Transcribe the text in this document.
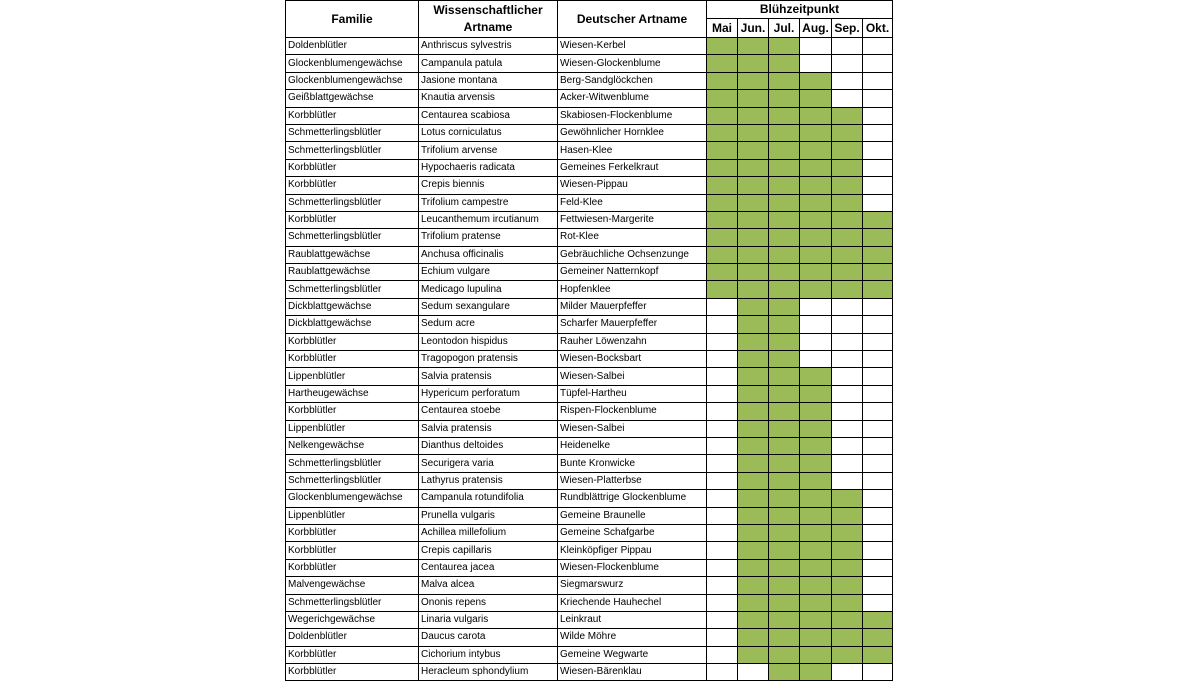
Familie	Wissenschaftlicher Artname	Deutscher Artname	Blühzeitpunkt					
			Mai	Jun.	Jul.	Aug.	Sep.	Okt.
Doldenblütler	Anthriscus sylvestris	Wiesen-Kerbel						
Glockenblumengewächse	Campanula patula	Wiesen-Glockenblume						
Glockenblumengewächse	Jasione montana	Berg-Sandglöckchen						
Geißblattgewächse	Knautia arvensis	Acker-Witwenblume						
Korbblütler	Centaurea scabiosa	Skabiosen-Flockenblume						
Schmetterlingsblütler	Lotus corniculatus	Gewöhnlicher Hornklee						
Schmetterlingsblütler	Trifolium arvense	Hasen-Klee						
Korbblütler	Hypochaeris radicata	Gemeines Ferkelkraut						
Korbblütler	Crepis biennis	Wiesen-Pippau						
Schmetterlingsblütler	Trifolium campestre	Feld-Klee						
Korbblütler	Leucanthemum ircutianum	Fettwiesen-Margerite						
Schmetterlingsblütler	Trifolium pratense	Rot-Klee						
Raublattgewächse	Anchusa officinalis	Gebräuchliche Ochsenzunge						
Raublattgewächse	Echium vulgare	Gemeiner Natternkopf						
Schmetterlingsblütler	Medicago lupulina	Hopfenklee						
Dickblattgewächse	Sedum sexangulare	Milder Mauerpfeffer						
Dickblattgewächse	Sedum acre	Scharfer Mauerpfeffer						
Korbblütler	Leontodon hispidus	Rauher Löwenzahn						
Korbblütler	Tragopogon pratensis	Wiesen-Bocksbart						
Lippenblütler	Salvia pratensis	Wiesen-Salbei						
Hartheugewächse	Hypericum perforatum	Tüpfel-Hartheu						
Korbblütler	Centaurea stoebe	Rispen-Flockenblume						
Lippenblütler	Salvia pratensis	Wiesen-Salbei						
Nelkengewächse	Dianthus deltoides	Heidenelke						
Schmetterlingsblütler	Securigera varia	Bunte Kronwicke						
Schmetterlingsblütler	Lathyrus pratensis	Wiesen-Platterbse						
Glockenblumengewächse	Campanula rotundifolia	Rundblättrige Glockenblume						
Lippenblütler	Prunella vulgaris	Gemeine Braunelle						
Korbblütler	Achillea millefolium	Gemeine Schafgarbe						
Korbblütler	Crepis capillaris	Kleinköpfiger Pippau						
Korbblütler	Centaurea jacea	Wiesen-Flockenblume						
Malvengewächse	Malva alcea	Siegmarswurz						
Schmetterlingsblütler	Ononis repens	Kriechende Hauhechel						
Wegerichgewächse	Linaria vulgaris	Leinkraut						
Doldenblütler	Daucus carota	Wilde Möhre						
Korbblütler	Cichorium intybus	Gemeine Wegwarte						
Korbblütler	Heracleum sphondylium	Wiesen-Bärenklau						
